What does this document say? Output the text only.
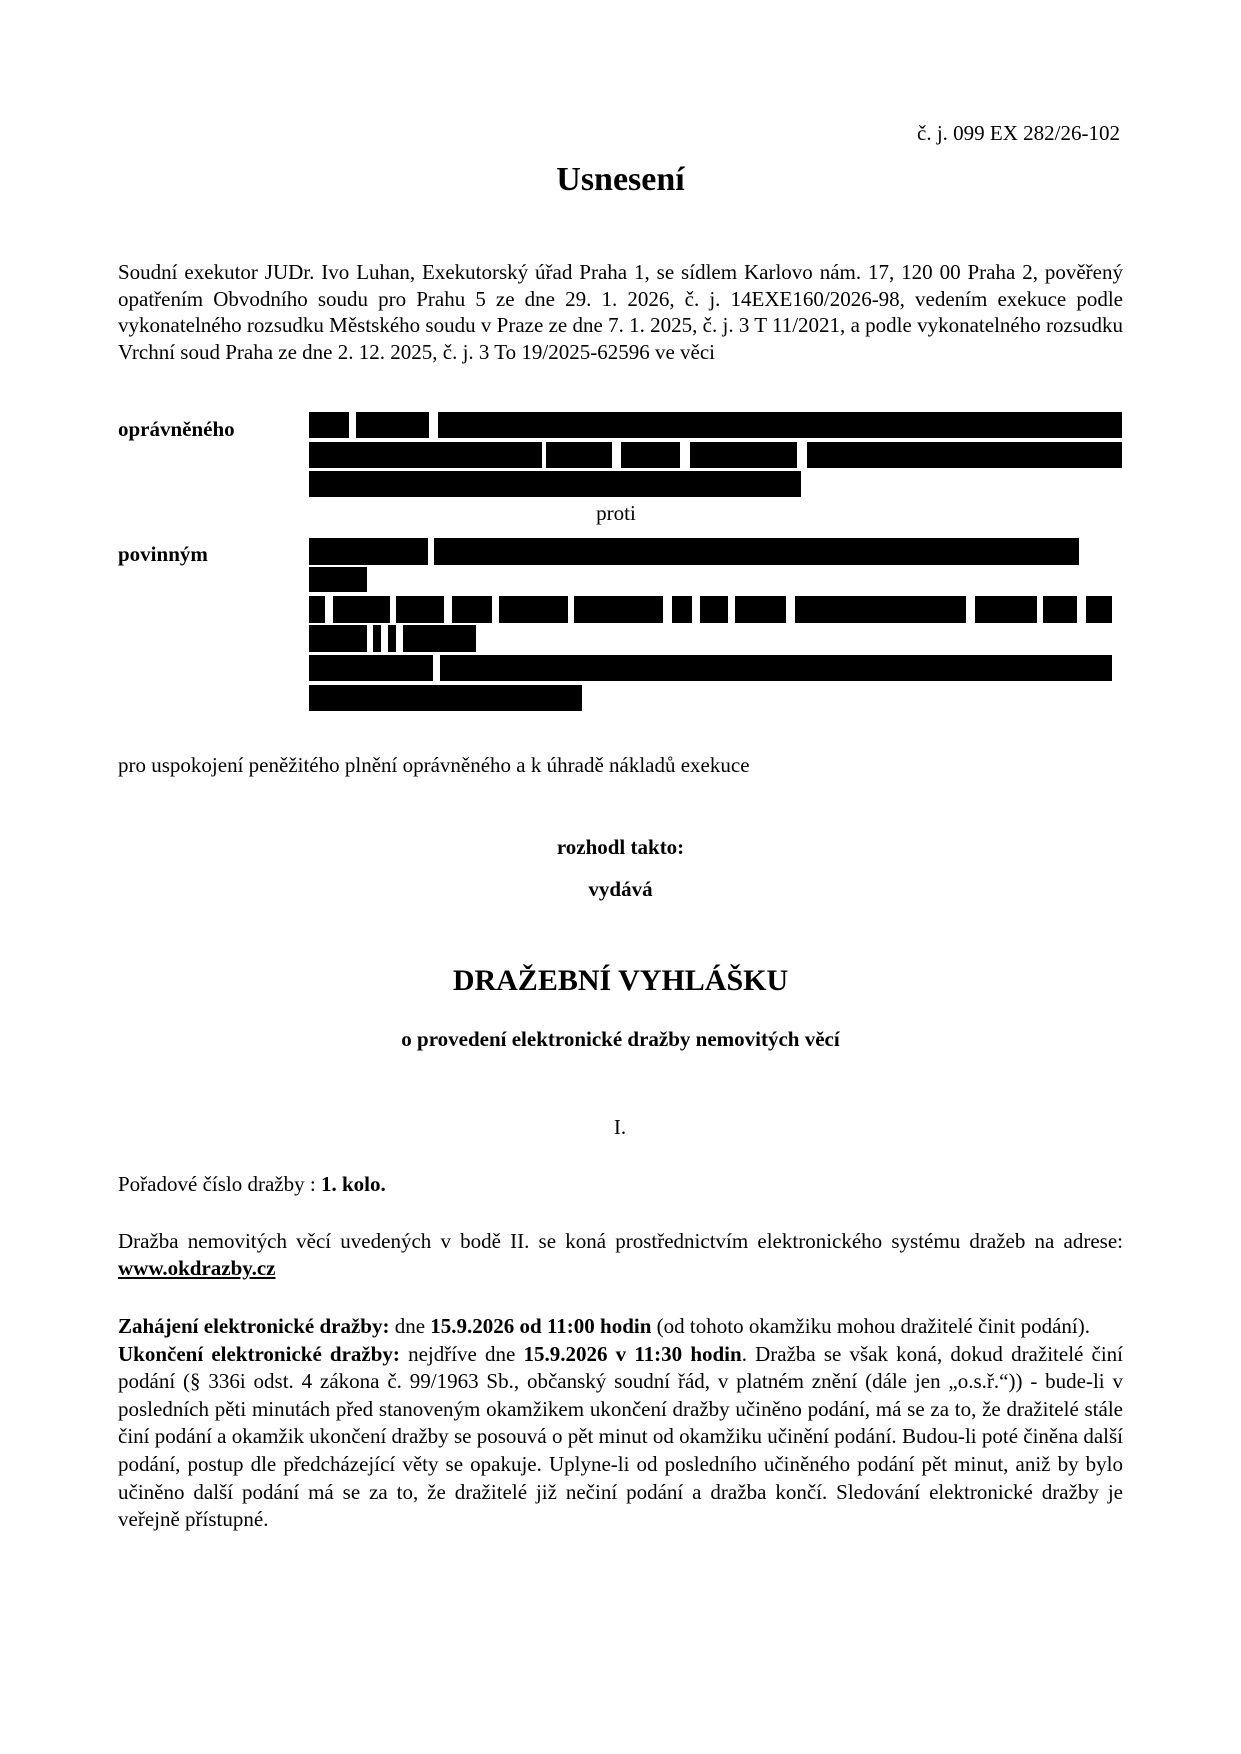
č. j. 099 EX 282/26-102
Usnesení
Soudní exekutor JUDr. Ivo Luhan, Exekutorský úřad Praha 1, se sídlem Karlovo nám. 17, 120 00 Praha 2, pověřený opatřením Obvodního soudu pro Prahu 5 ze dne 29. 1. 2026, č. j. 14EXE160/2026-98, vedením exekuce podle vykonatelného rozsudku Městského soudu v Praze ze dne 7. 1. 2025, č. j. 3 T 11/2021, a podle vykonatelného rozsudku Vrchní soud Praha ze dne 2. 12. 2025, č. j. 3 To 19/2025-62596 ve věci
oprávněného
proti
povinným
pro uspokojení peněžitého plnění oprávněného a k úhradě nákladů exekuce
rozhodl takto:
vydává
DRAŽEBNÍ VYHLÁŠKU
o provedení elektronické dražby nemovitých věcí
I.
Pořadové číslo dražby : 1. kolo.
Dražba nemovitých věcí uvedených v bodě II. se koná prostřednictvím elektronického systému dražeb na adrese: www.okdrazby.cz
Zahájení elektronické dražby: dne 15.9.2026 od 11:00 hodin (od tohoto okamžiku mohou dražitelé činit podání).
Ukončení elektronické dražby: nejdříve dne 15.9.2026 v 11:30 hodin. Dražba se však koná, dokud dražitelé činí podání (§ 336i odst. 4 zákona č. 99/1963 Sb., občanský soudní řád, v platném znění (dále jen „o.s.ř.“)) - bude-li v posledních pěti minutách před stanoveným okamžikem ukončení dražby učiněno podání, má se za to, že dražitelé stále činí podání a okamžik ukončení dražby se posouvá o pět minut od okamžiku učinění podání. Budou-li poté činěna další podání, postup dle předcházející věty se opakuje. Uplyne-li od posledního učiněného podání pět minut, aniž by bylo učiněno další podání má se za to, že dražitelé již nečiní podání a dražba končí. Sledování elektronické dražby je veřejně přístupné.
